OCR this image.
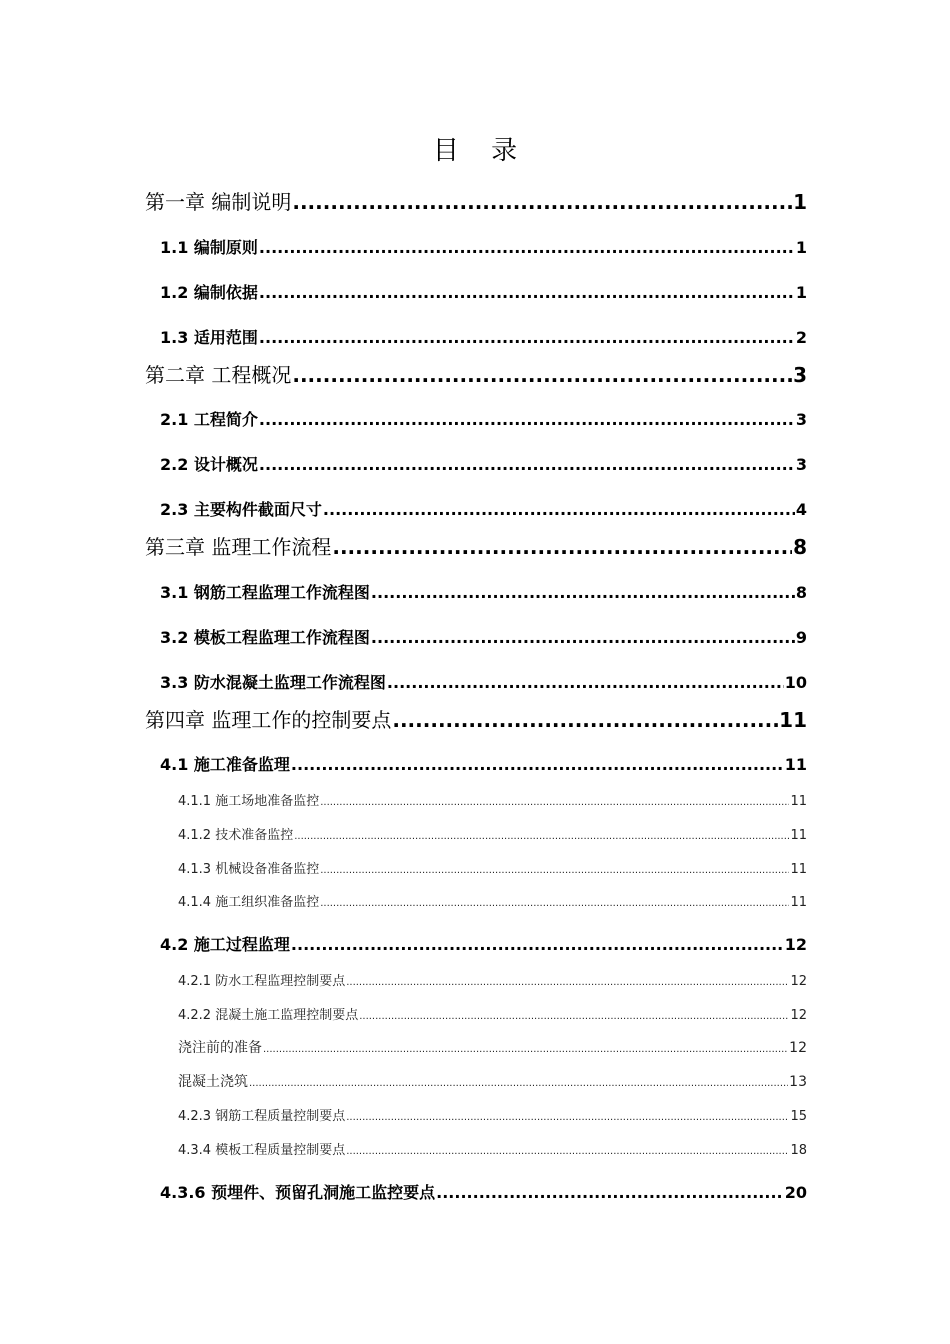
目 录
第一章 编制说明 .....	1
1.1 编制原则 .....	1
1.2 编制依据 .....	1
1.3 适用范围 .....	2
第二章 工程概况 .....	3
2.1 工程简介 .....	3
2.2 设计概况 .....	3
2.3 主要构件截面尺寸 .....	4
第三章 监理工作流程 .....	8
3.1 钢筋工程监理工作流程图 .....	8
3.2 模板工程监理工作流程图 .....	9
3.3 防水混凝土监理工作流程图 .....	10
第四章 监理工作的控制要点 .....	11
4.1 施工准备监理 .....	11
4.1.1 施工场地准备监控 .....	11
4.1.2 技术准备监控 .....	11
4.1.3 机械设备准备监控 .....	11
4.1.4 施工组织准备监控 .....	11
4.2 施工过程监理 .....	12
4.2.1 防水工程监理控制要点 .....	12
4.2.2 混凝土施工监理控制要点 .....	12
浇注前的准备 .....	12
混凝土浇筑 .....	13
4.2.3 钢筋工程质量控制要点 .....	15
4.3.4 模板工程质量控制要点 .....	18
4.3.6 预埋件、预留孔洞施工监控要点 .....	20
